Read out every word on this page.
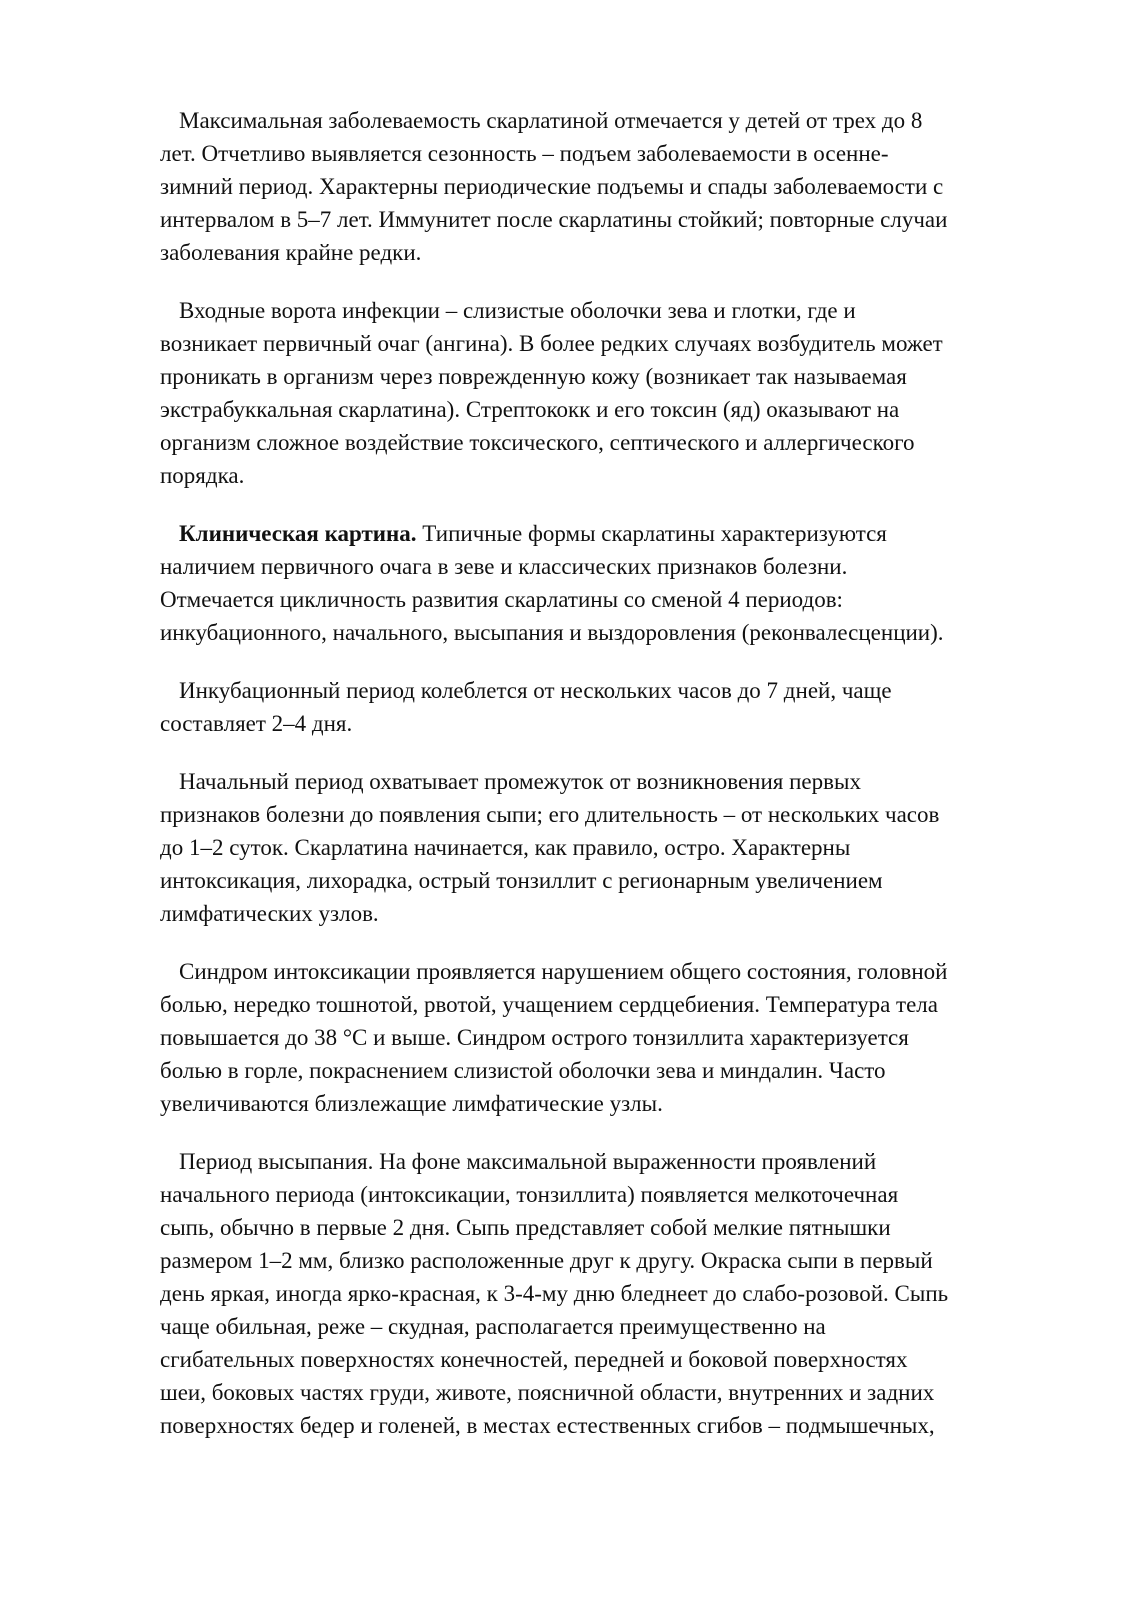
Максимальная заболеваемость скарлатиной отмечается у детей от трех до 8
лет. Отчетливо выявляется сезонность – подъем заболеваемости в осенне-
зимний период. Характерны периодические подъемы и спады заболеваемости с
интервалом в 5–7 лет. Иммунитет после скарлатины стойкий; повторные случаи
заболевания крайне редки.

Входные ворота инфекции – слизистые оболочки зева и глотки, где и
возникает первичный очаг (ангина). В более редких случаях возбудитель может
проникать в организм через поврежденную кожу (возникает так называемая
экстрабуккальная скарлатина). Стрептококк и его токсин (яд) оказывают на
организм сложное воздействие токсического, септического и аллергического
порядка.

Клиническая картина. Типичные формы скарлатины характеризуются
наличием первичного очага в зеве и классических признаков болезни.
Отмечается цикличность развития скарлатины со сменой 4 периодов:
инкубационного, начального, высыпания и выздоровления (реконвалесценции).

Инкубационный период колеблется от нескольких часов до 7 дней, чаще
составляет 2–4 дня.

Начальный период охватывает промежуток от возникновения первых
признаков болезни до появления сыпи; его длительность – от нескольких часов
до 1–2 суток. Скарлатина начинается, как правило, остро. Характерны
интоксикация, лихорадка, острый тонзиллит с регионарным увеличением
лимфатических узлов.

Синдром интоксикации проявляется нарушением общего состояния, головной
болью, нередко тошнотой, рвотой, учащением сердцебиения. Температура тела
повышается до 38 °С и выше. Синдром острого тонзиллита характеризуется
болью в горле, покраснением слизистой оболочки зева и миндалин. Часто
увеличиваются близлежащие лимфатические узлы.

Период высыпания. На фоне максимальной выраженности проявлений
начального периода (интоксикации, тонзиллита) появляется мелкоточечная
сыпь, обычно в первые 2 дня. Сыпь представляет собой мелкие пятнышки
размером 1–2 мм, близко расположенные друг к другу. Окраска сыпи в первый
день яркая, иногда ярко-красная, к 3-4-му дню бледнеет до слабо-розовой. Сыпь
чаще обильная, реже – скудная, располагается преимущественно на
сгибательных поверхностях конечностей, передней и боковой поверхностях
шеи, боковых частях груди, животе, поясничной области, внутренних и задних
поверхностях бедер и голеней, в местах естественных сгибов – подмышечных,
